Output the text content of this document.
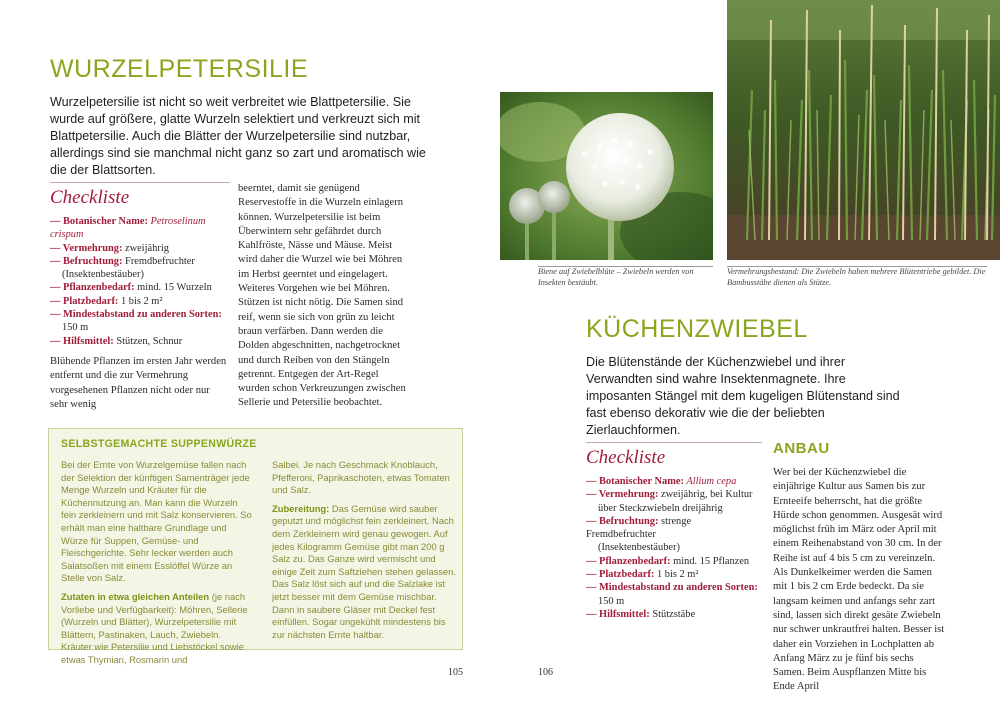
WURZELPETERSILIE

Wurzelpetersilie ist nicht so weit verbreitet wie Blattpetersilie. Sie wurde auf größere, glatte Wurzeln selektiert und verkreuzt sich mit Blattpetersilie. Auch die Blätter der Wurzelpetersilie sind nutzbar, allerdings sind sie manchmal nicht ganz so zart und aromatisch wie die der Blattsorten.

Checkliste
— Botanischer Name: Petroselinum crispum
— Vermehrung: zweijährig
— Befruchtung: Fremdbefruchter
(Insektenbestäuber)
— Pflanzenbedarf: mind. 15 Wurzeln
— Platzbedarf: 1 bis 2 m²
— Mindestabstand zu anderen Sorten:
150 m
— Hilfsmittel: Stützen, Schnur

Blühende Pflanzen im ersten Jahr werden entfernt und die zur Vermehrung vorgesehenen Pflanzen nicht oder nur sehr wenig

beerntet, damit sie genügend Reservestoffe in die Wurzeln einlagern können. Wurzelpetersilie ist beim Überwintern sehr gefährdet durch Kahlfröste, Nässe und Mäuse. Meist wird daher die Wurzel wie bei Möhren im Herbst geerntet und eingelagert. Weiteres Vorgehen wie bei Möhren.

Stützen ist nicht nötig. Die Samen sind reif, wenn sie sich von grün zu leicht braun verfärben. Dann werden die Dolden abgeschnitten, nachgetrocknet und durch Reiben von den Stängeln getrennt. Entgegen der Art-Regel wurden schon Verkreuzungen zwischen Sellerie und Petersilie beobachtet.

SELBSTGEMACHTE SUPPENWÜRZE

Bei der Ernte von Wurzelgemüse fallen nach der Selektion der künftigen Samenträger jede Menge Wurzeln und Kräuter für die Küchennutzung an. Man kann die Wurzeln fein zerkleinern und mit Salz konservieren. So erhält man eine haltbare Grundlage und Würze für Suppen, Gemüse- und Fleischgerichte. Sehr lecker werden auch Salatsoßen mit einem Esslöffel Würze an Stelle von Salz.

Zutaten in etwa gleichen Anteilen (je nach Vorliebe und Verfügbarkeit): Möhren, Sellerie (Wurzeln und Blätter), Wurzelpetersilie mit Blättern, Pastinaken, Lauch, Zwiebeln. Kräuter wie Petersilie und Liebstöckel sowie etwas Thymian, Rosmarin und

Salbei. Je nach Geschmack Knoblauch, Pfefferoni, Paprikaschoten, etwas Tomaten und Salz.

Zubereitung: Das Gemüse wird sauber geputzt und möglichst fein zerkleinert. Nach dem Zerkleinern wird genau gewogen. Auf jedes Kilogramm Gemüse gibt man 200 g Salz zu. Das Ganze wird vermischt und einige Zeit zum Saftziehen stehen gelassen. Das Salz löst sich auf und die Salzlake ist jetzt besser mit dem Gemüse mischbar. Dann in saubere Gläser mit Deckel fest einfüllen. Sogar ungekühlt mindestens bis zur nächsten Ernte haltbar.

105

Biene auf Zwiebelblüte – Zwiebeln werden von Insekten bestäubt.

Vermehrungsbestand: Die Zwiebeln haben mehrere Blütentriebe gebildet. Die Bambusstäbe dienen als Stütze.

KÜCHENZWIEBEL

Die Blütenstände der Küchenzwiebel und ihrer Verwandten sind wahre Insektenmagnete. Ihre imposanten Stängel mit dem kugeligen Blütenstand sind fast ebenso dekorativ wie die der beliebten Zierlauchformen.

Checkliste
— Botanischer Name: Allium cepa
— Vermehrung: zweijährig, bei Kultur
über Steckzwiebeln dreijährig
— Befruchtung: strenge Fremdbefruchter
(Insektenbestäuber)
— Pflanzenbedarf: mind. 15 Pflanzen
— Platzbedarf: 1 bis 2 m²
— Mindestabstand zu anderen Sorten:
150 m
— Hilfsmittel: Stützstäbe
ANBAU

Wer bei der Küchenzwiebel die einjährige Kultur aus Samen bis zur Ernteeife beherrscht, hat die größte Hürde schon genommen. Ausgesät wird möglichst früh im März oder April mit einem Reihenabstand von 30 cm. In der Reihe ist auf 4 bis 5 cm zu vereinzeln. Als Dunkelkeimer werden die Samen mit 1 bis 2 cm Erde bedeckt. Da sie langsam keimen und anfangs sehr zart sind, lassen sich direkt gesäte Zwiebeln nur schwer unkrautfrei halten. Besser ist daher ein Vorziehen in Lochplatten ab Anfang März zu je fünf bis sechs Samen. Beim Auspflanzen Mitte bis Ende April

106
